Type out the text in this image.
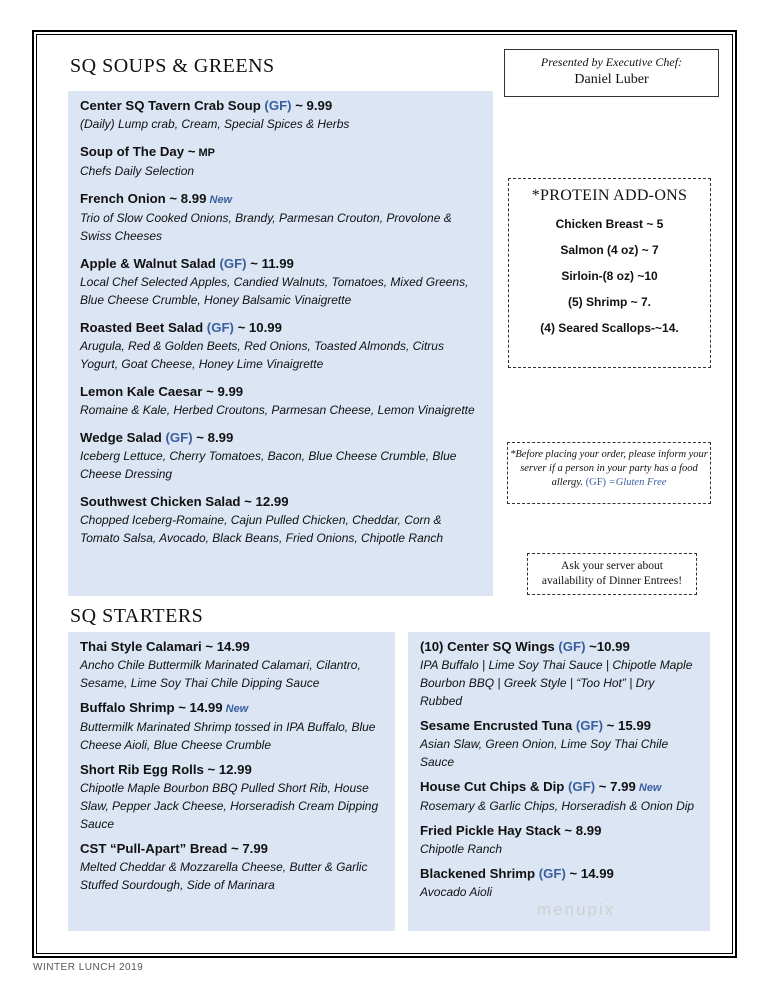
SQ SOUPS & GREENS	Presented by Executive Chef:
Daniel Luber
Center SQ Tavern Crab Soup (GF) ~ 9.99
(Daily) Lump crab, Cream, Special Spices & Herbs
Soup of The Day ~ MP
Chefs Daily Selection
French Onion ~ 8.99 New
Trio of Slow Cooked Onions, Brandy, Parmesan Crouton, Provolone & Swiss Cheeses
Apple & Walnut Salad (GF) ~ 11.99
Local Chef Selected Apples, Candied Walnuts, Tomatoes, Mixed Greens, Blue Cheese Crumble, Honey Balsamic Vinaigrette
Roasted Beet Salad (GF) ~ 10.99
Arugula, Red & Golden Beets, Red Onions, Toasted Almonds, Citrus Yogurt, Goat Cheese, Honey Lime Vinaigrette
Lemon Kale Caesar ~ 9.99
Romaine & Kale, Herbed Croutons, Parmesan Cheese, Lemon Vinaigrette
Wedge Salad (GF) ~ 8.99
Iceberg Lettuce, Cherry Tomatoes, Bacon, Blue Cheese Crumble, Blue Cheese Dressing
Southwest Chicken Salad ~ 12.99
Chopped Iceberg-Romaine, Cajun Pulled Chicken, Cheddar, Corn & Tomato Salsa, Avocado, Black Beans, Fried Onions, Chipotle Ranch
*PROTEIN ADD-ONS
Chicken Breast ~ 5
Salmon (4 oz) ~ 7
Sirloin-(8 oz) ~10
(5) Shrimp ~ 7.
(4) Seared Scallops-~14.
*Before placing your order, please inform your server if a person in your party has a food allergy. (GF) =Gluten Free
Ask your server about
availability of Dinner Entrees!
SQ STARTERS
Thai Style Calamari ~ 14.99
Ancho Chile Buttermilk Marinated Calamari, Cilantro, Sesame, Lime Soy Thai Chile Dipping Sauce
Buffalo Shrimp ~ 14.99 New
Buttermilk Marinated Shrimp tossed in IPA Buffalo, Blue Cheese Aioli, Blue Cheese Crumble
Short Rib Egg Rolls ~ 12.99
Chipotle Maple Bourbon BBQ Pulled Short Rib, House Slaw, Pepper Jack Cheese, Horseradish Cream Dipping Sauce
CST “Pull-Apart” Bread ~ 7.99
Melted Cheddar & Mozzarella Cheese, Butter & Garlic Stuffed Sourdough, Side of Marinara
(10) Center SQ Wings (GF) ~10.99
IPA Buffalo | Lime Soy Thai Sauce | Chipotle Maple Bourbon BBQ | Greek Style | “Too Hot” | Dry Rubbed
Sesame Encrusted Tuna (GF) ~ 15.99
Asian Slaw, Green Onion, Lime Soy Thai Chile Sauce
House Cut Chips & Dip (GF) ~ 7.99 New
Rosemary & Garlic Chips, Horseradish & Onion Dip
Fried Pickle Hay Stack ~ 8.99
Chipotle Ranch
Blackened Shrimp (GF) ~ 14.99
Avocado Aioli
menupix
WINTER LUNCH 2019
